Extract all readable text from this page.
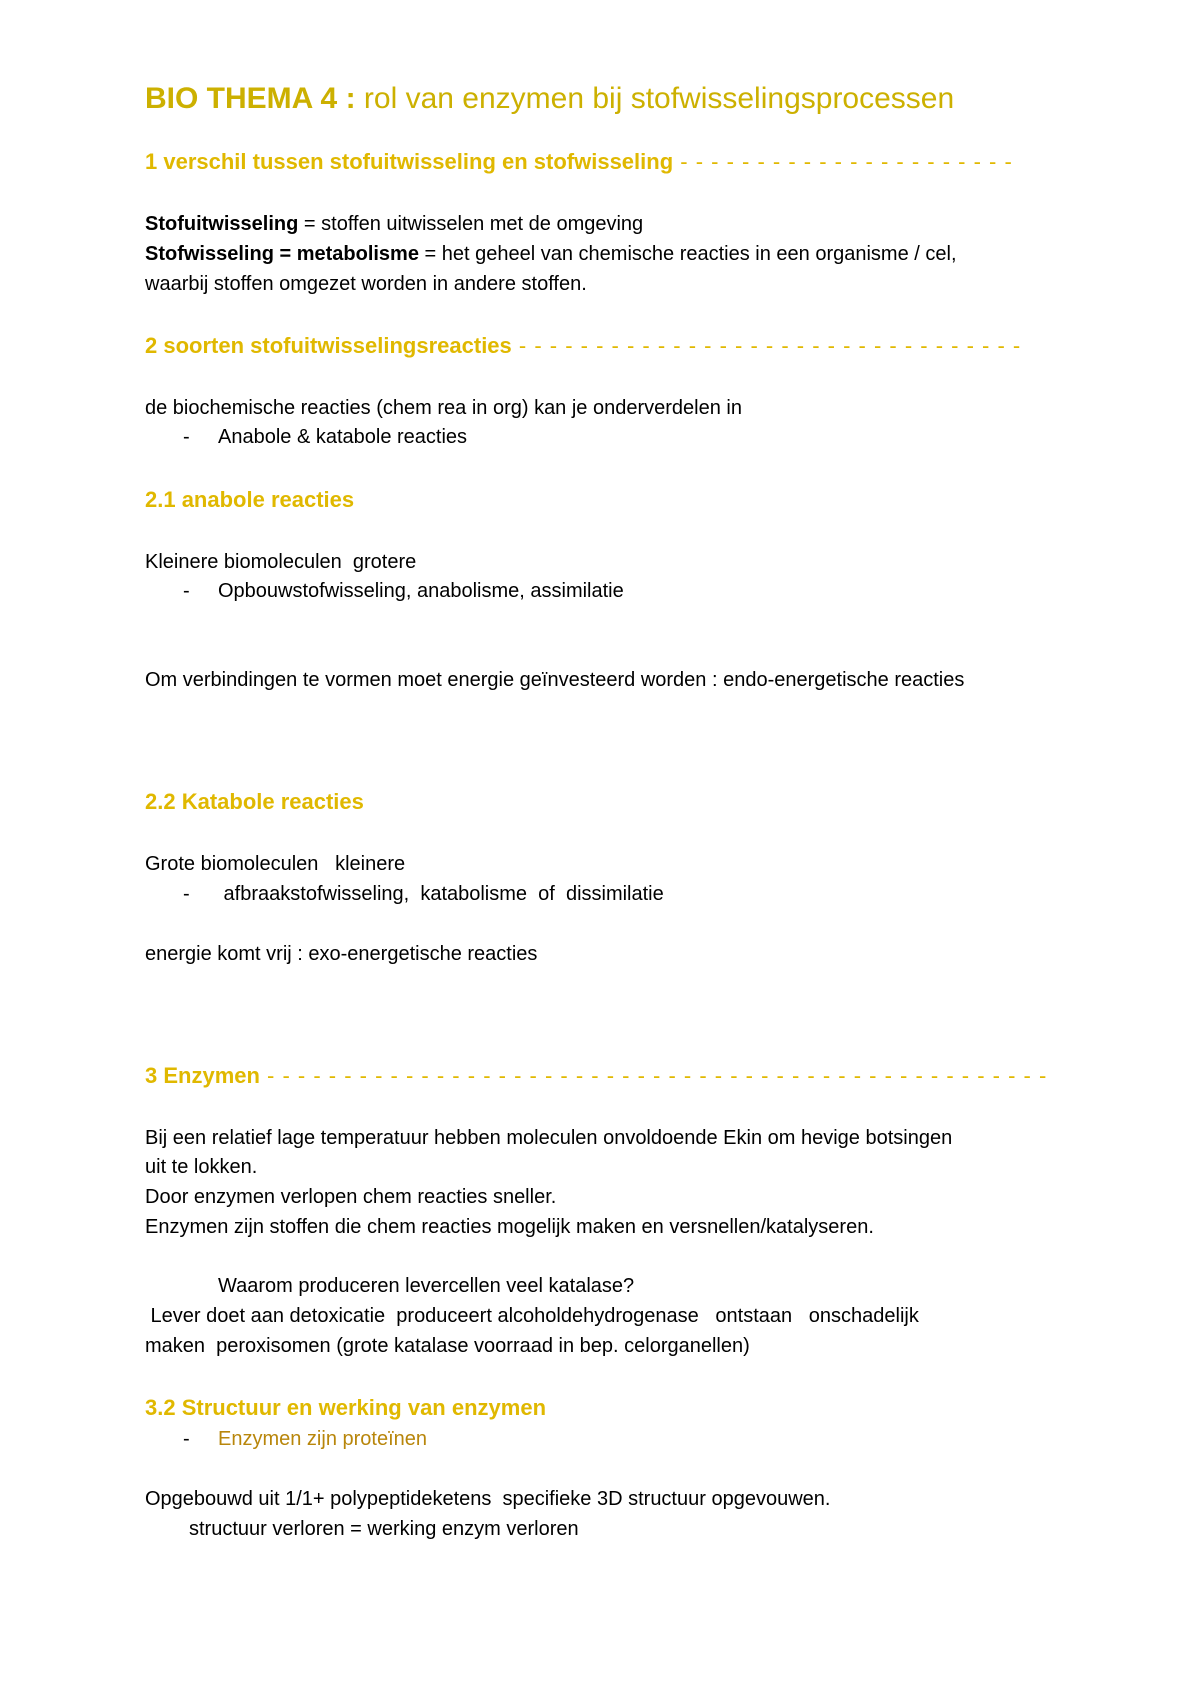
BIO THEMA 4 : rol van enzymen bij stofwisselingsprocessen
1 verschil tussen stofuitwisseling en stofwisseling - - - - - - - - - - - - - - - - - - - - - -
Stofuitwisseling = stoffen uitwisselen met de omgeving
Stofwisseling = metabolisme = het geheel van chemische reacties in een organisme / cel,
waarbij stoffen omgezet worden in andere stoffen.
2 soorten stofuitwisselingsreacties - - - - - - - - - - - - - - - - - - - - - - - - - - - - - - - - -
de biochemische reacties (chem rea in org) kan je onderverdelen in
- Anabole & katabole reacties
2.1 anabole reacties
Kleinere biomoleculen  grotere
- Opbouwstofwisseling, anabolisme, assimilatie
Om verbindingen te vormen moet energie geïnvesteerd worden : endo-energetische reacties
2.2 Katabole reacties
Grote biomoleculen   kleinere
- afbraakstofwisseling,  katabolisme  of  dissimilatie
energie komt vrij : exo-energetische reacties
3 Enzymen - - - - - - - - - - - - - - - - - - - - - - - - - - - - - - - - - - - - - - - - - - - - - - - - - - -
Bij een relatief lage temperatuur hebben moleculen onvoldoende Ekin om hevige botsingen
uit te lokken.
Door enzymen verlopen chem reacties sneller.
Enzymen zijn stoffen die chem reacties mogelijk maken en versnellen/katalyseren.
Waarom produceren levercellen veel katalase?
Lever doet aan detoxicatie  produceert alcoholdehydrogenase   ontstaan   onschadelijk
maken  peroxisomen (grote katalase voorraad in bep. celorganellen)
3.2 Structuur en werking van enzymen
- Enzymen zijn proteïnen
Opgebouwd uit 1/1+ polypeptideketens  specifieke 3D structuur opgevouwen.
structuur verloren = werking enzym verloren
